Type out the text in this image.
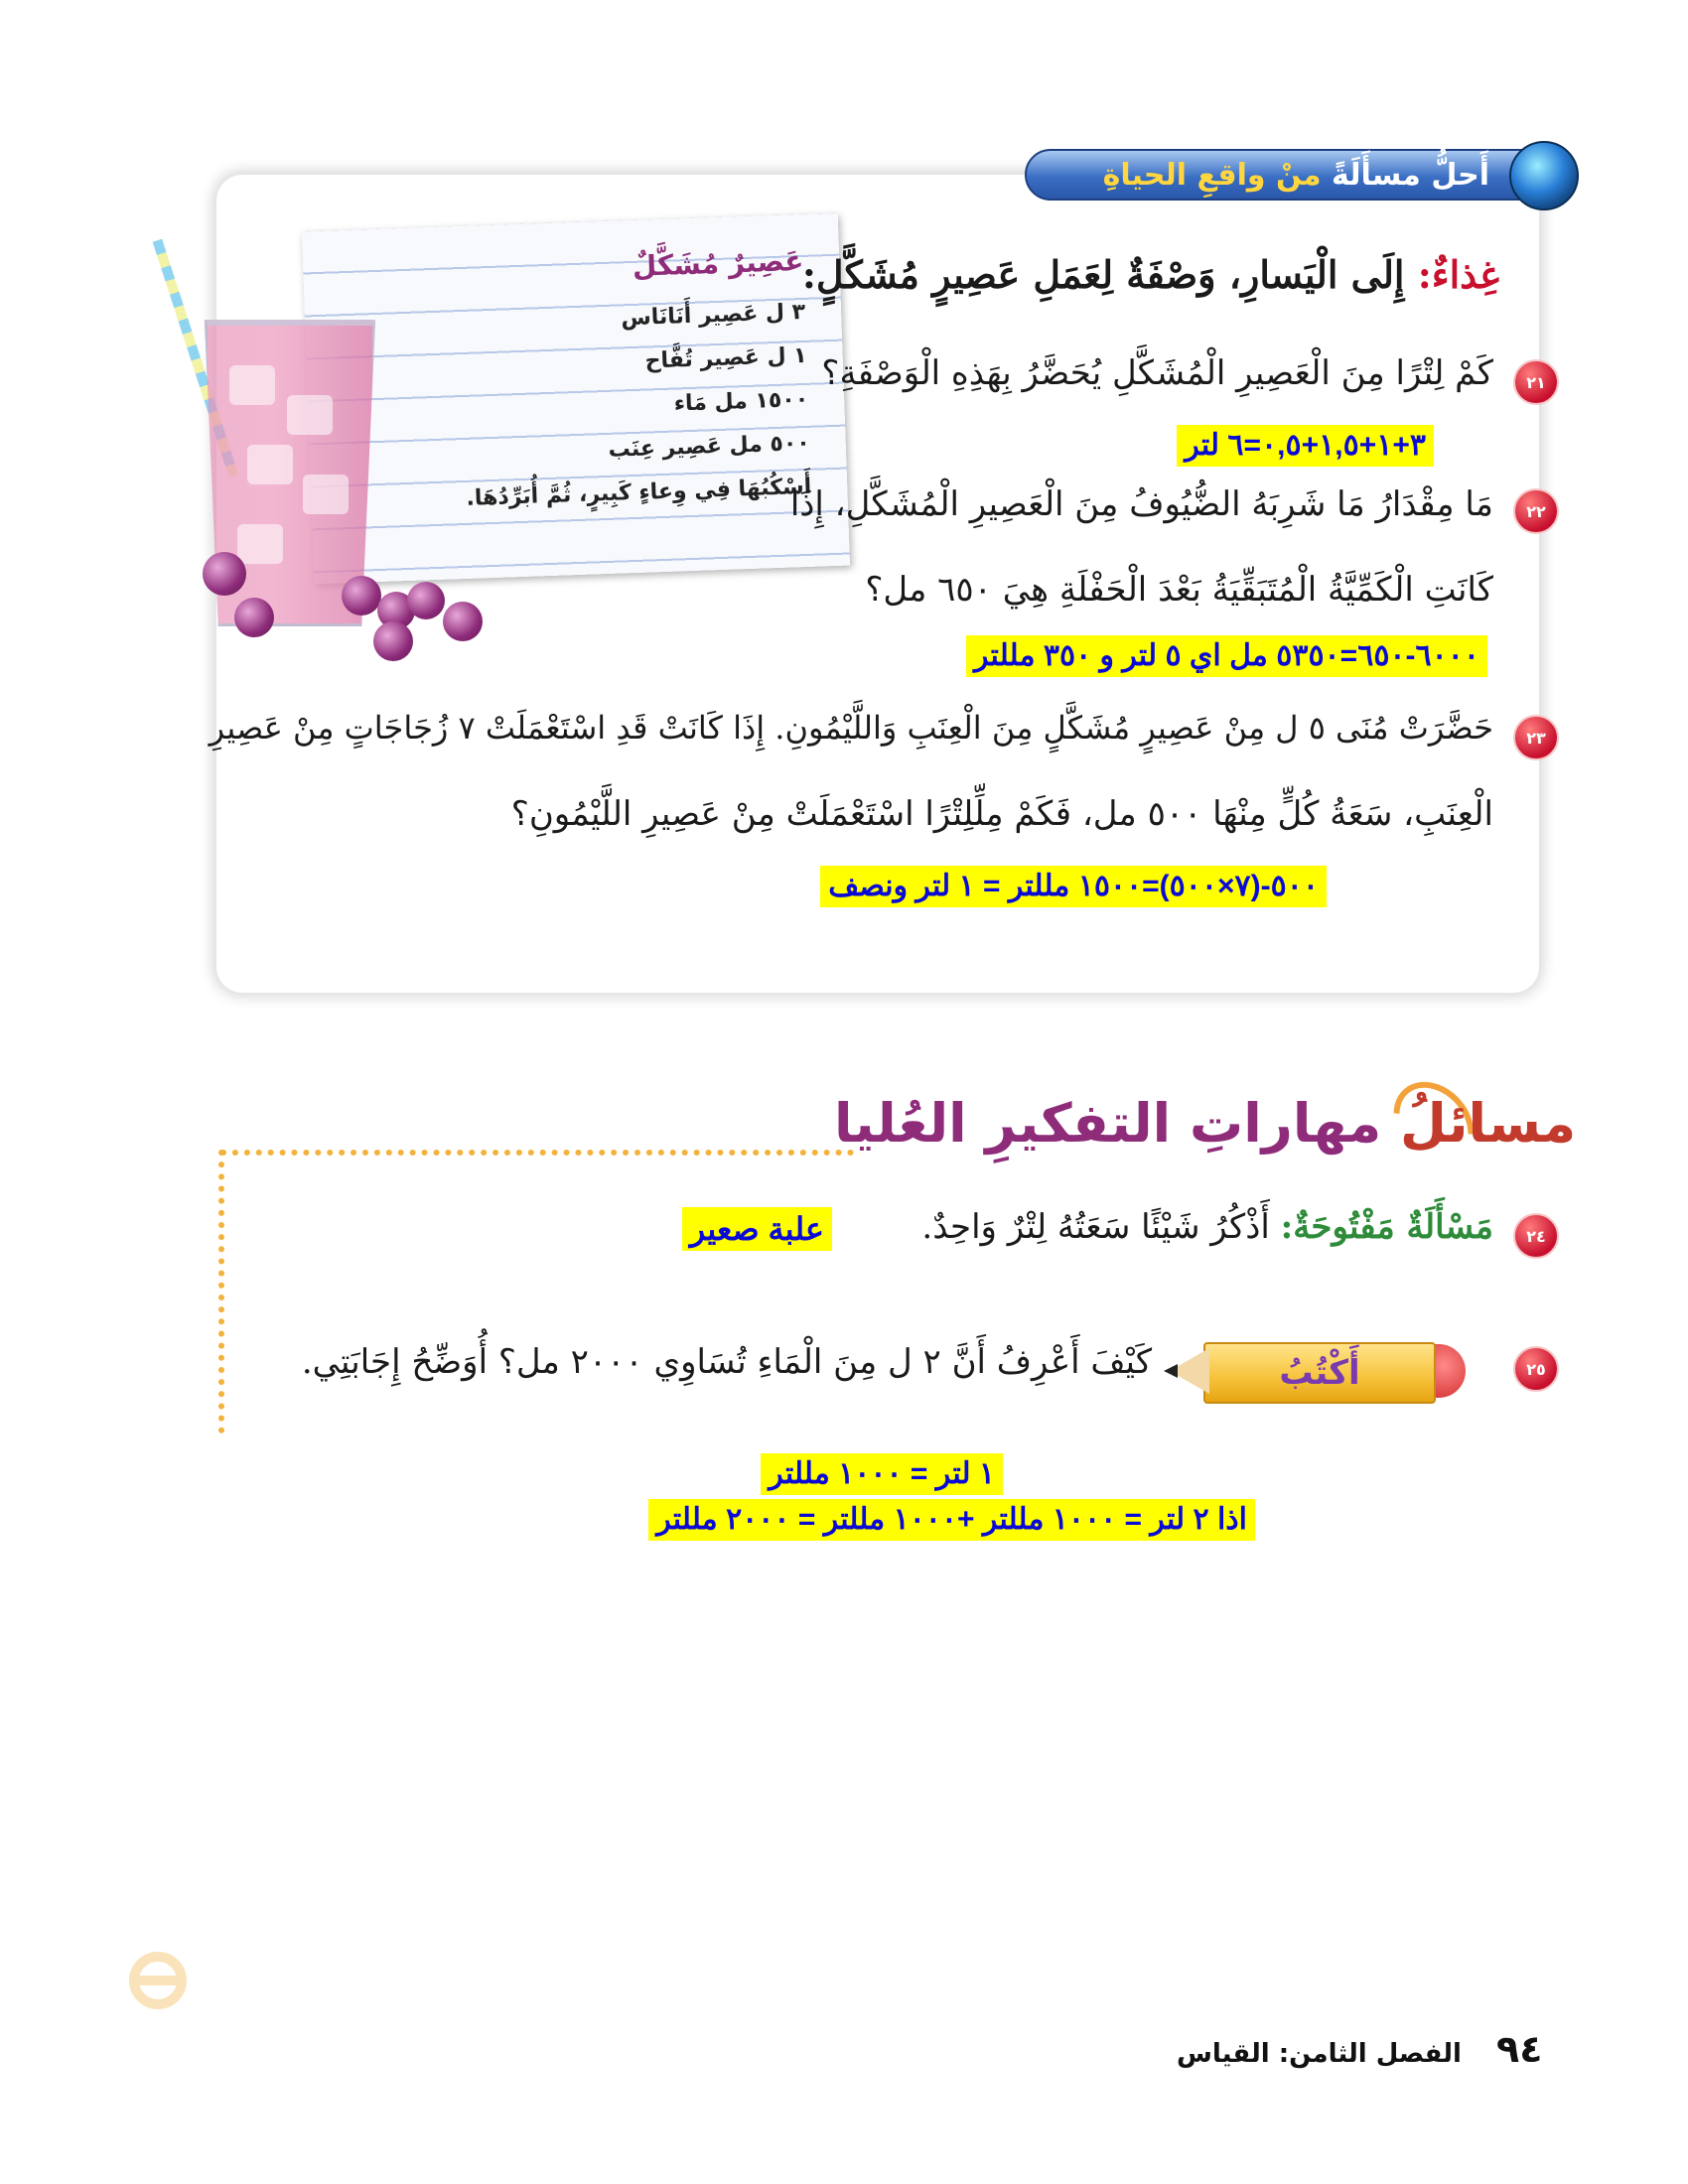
أَحلُّ مسأَلَةً منْ واقعِ الحياةِ
عَصِيرٌ مُشَكَّلٌ
٣ ل عَصِير أَنَانَاس
١ ل عَصِير تُفَّاح
١٥٠٠ مل مَاء
٥٠٠ مل عَصِير عِنَب
أَسْكُبُهَا فِي وِعاءٍ كَبِيرٍ، ثُمَّ أُبَرِّدُهَا.
غِذاءٌ: إِلَى الْيَسارِ، وَصْفَةٌ لِعَمَلِ عَصِيرٍ مُشَكَّلٍ:
٢١
كَمْ لِتْرًا مِنَ الْعَصِيرِ الْمُشَكَّلِ يُحَضَّرُ بِهَذِهِ الْوَصْفَةِ؟
٣+١+١,٥+٠,٥=٦ لتر
٢٢
مَا مِقْدَارُ مَا شَرِبَهُ الضُّيُوفُ مِنَ الْعَصِيرِ الْمُشَكَّلِ، إِذَا
كَانَتِ الْكَمِّيَّةُ الْمُتَبَقِّيَةُ بَعْدَ الْحَفْلَةِ هِيَ ٦٥٠ مل؟
٦٠٠٠-٦٥٠=٥٣٥٠ مل اي ٥ لتر و ٣٥٠ مللتر
٢٣
حَضَّرَتْ مُنَى ٥ ل مِنْ عَصِيرٍ مُشَكَّلٍ مِنَ الْعِنَبِ وَاللَّيْمُونِ. إِذَا كَانَتْ قَدِ اسْتَعْمَلَتْ ٧ زُجَاجَاتٍ مِنْ عَصِيرِ
الْعِنَبِ، سَعَةُ كُلٍّ مِنْهَا ٥٠٠ مل، فَكَمْ مِلِّلِتْرًا اسْتَعْمَلَتْ مِنْ عَصِيرِ اللَّيْمُونِ؟
٥٠٠-(٧×٥٠٠)=١٥٠٠ مللتر = ١ لتر ونصف
مسائلُ مهاراتِ التفكيرِ العُليا
٢٤
مَسْأَلَةٌ مَفْتُوحَةٌ: أَذْكُرُ شَيْئًا سَعَتُهُ لِتْرٌ وَاحِدٌ.
علبة صعير
٢٥
أَكْتُبُ
كَيْفَ أَعْرِفُ أَنَّ ٢ ل مِنَ الْمَاءِ تُسَاوِي ٢٠٠٠ مل؟ أُوَضِّحُ إِجَابَتِي.
١ لتر = ١٠٠٠ مللتر
اذا ٢ لتر = ١٠٠٠ مللتر +١٠٠٠ مللتر = ٢٠٠٠ مللتر
٩٤ الفصل الثامن: القياس
